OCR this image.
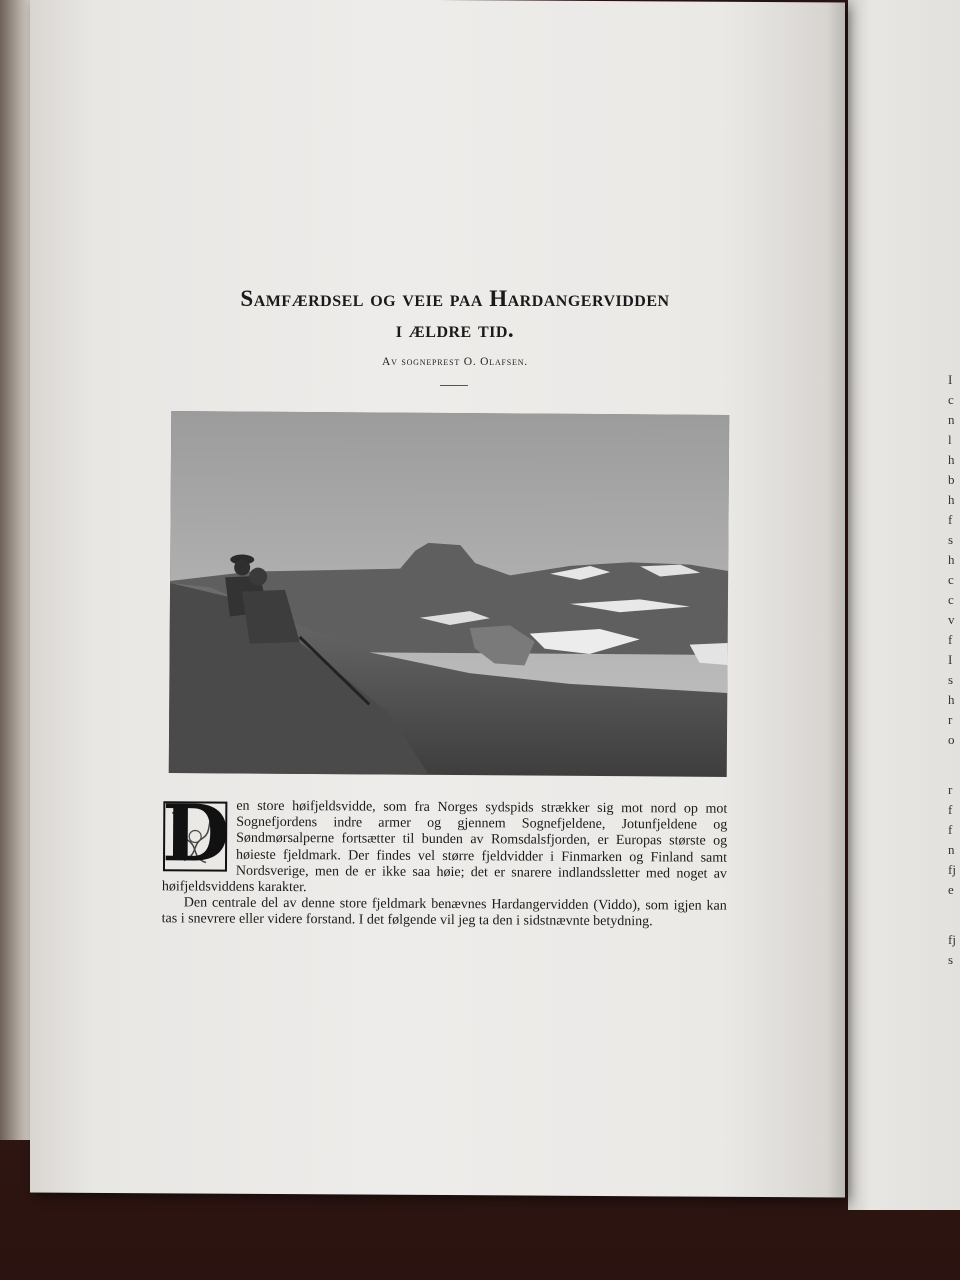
I
c
n
l
h
b
h
f
s
h
c
c
v
f
I
s
h
r
o
r
f
f
n
fj
e
fj
s
Samfærdsel og veie paa Hardangervidden
i ældre tid.
Av sogneprest O. Olafsen.
D en store høifjeldsvidde, som fra Norges sydspids strækker sig mot nord op mot Sognefjordens indre armer og gjennem Sognefjeldene, Jotunfjeldene og Søndmørsalperne fortsætter til bunden av Romsdalsfjorden, er Europas største og høieste fjeldmark. Der findes vel større fjeldvidder i Finmarken og Finland samt Nordsverige, men de er ikke saa høie; det er snarere indlandssletter med noget av høifjeldsviddens karakter.

Den centrale del av denne store fjeldmark benævnes Hardangervidden (Viddo), som igjen kan tas i snevrere eller videre forstand. I det følgende vil jeg ta den i sidstnævnte betydning.
